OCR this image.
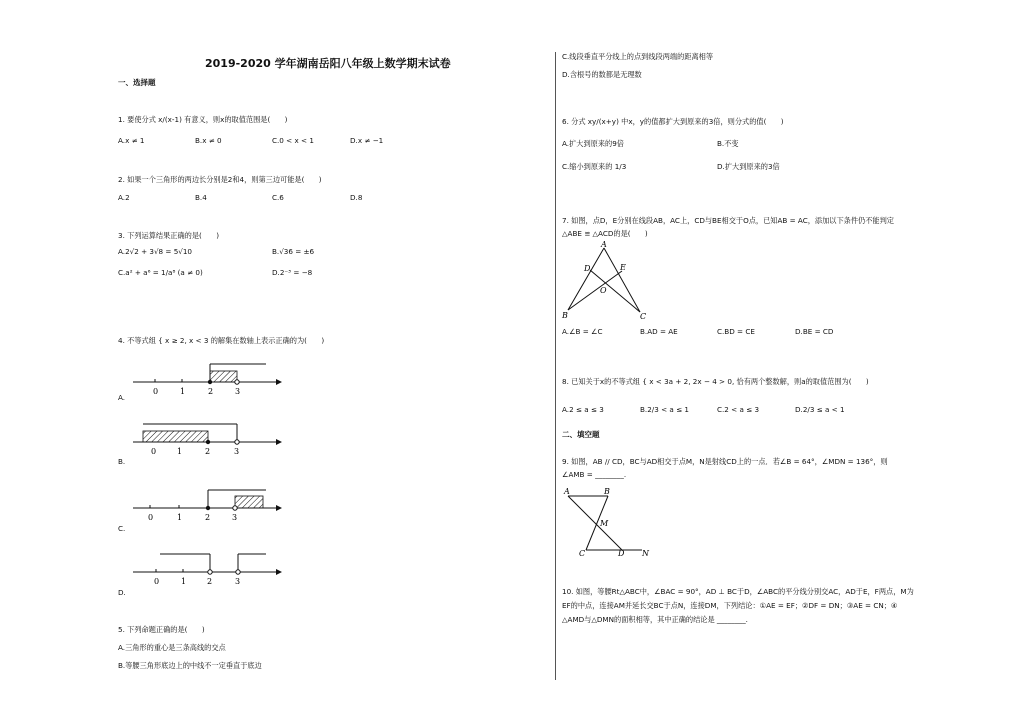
2019-2020 学年湖南岳阳八年级上数学期末试卷
一、选择题
1. 要使分式 x/(x-1) 有意义，则x的取值范围是(　　)
A.x ≠ 1	B.x ≠ 0	C.0 < x < 1	D.x ≠ −1
2. 如果一个三角形的两边长分别是2和4，则第三边可能是(　　)
A.2	B.4	C.6	D.8
3. 下列运算结果正确的是(　　)
A.2√2 + 3√8 = 5√10	B.√36 = ±6
C.a² + a⁶ = 1/a⁸ (a ≠ 0)	D.2⁻³ = −8
4. 不等式组 { x ≥ 2, x < 3 的解集在数轴上表示正确的为(　　)
A.
0	1	2	3
B.
0	1	2	3
C.
0	1	2	3
D.
0	1	2	3
5. 下列命题正确的是(　　)
A.三角形的重心是三条高线的交点
B.等腰三角形底边上的中线不一定垂直于底边
C.线段垂直平分线上的点到线段两端的距离相等
D.含根号的数都是无理数
6. 分式 xy/(x+y) 中x，y的值都扩大到原来的3倍，则分式的值(　　)
A.扩大到原来的9倍	B.不变
C.缩小到原来的 1/3	D.扩大到原来的3倍
7. 如图，点D，E分别在线段AB，AC上，CD与BE相交于O点，已知AB = AC，添加以下条件仍不能判定
△ABE ≌ △ACD的是(　　)
A
D	E
O
B	C
A.∠B = ∠C	B.AD = AE	C.BD = CE	D.BE = CD
8. 已知关于x的不等式组 { x < 3a + 2, 2x − 4 > 0, 恰有两个整数解，则a的取值范围为(　　)
A.2 ≤ a ≤ 3	B.2/3 < a ≤ 1	C.2 < a ≤ 3	D.2/3 ≤ a < 1
二、填空题
9. 如图，AB // CD，BC与AD相交于点M，N是射线CD上的一点．若∠B = 64°，∠MDN = 136°，则
∠AMB = ________.
A	B
M
C	D N
10. 如图，等腰Rt△ABC中，∠BAC = 90°，AD ⊥ BC于D，∠ABC的平分线分别交AC，AD于E，F两点，M为
EF的中点，连接AM并延长交BC于点N，连接DM，下列结论：①AE = EF；②DF = DN；③AE = CN；④
△AMD与△DMN的面积相等，其中正确的结论是 ________.
